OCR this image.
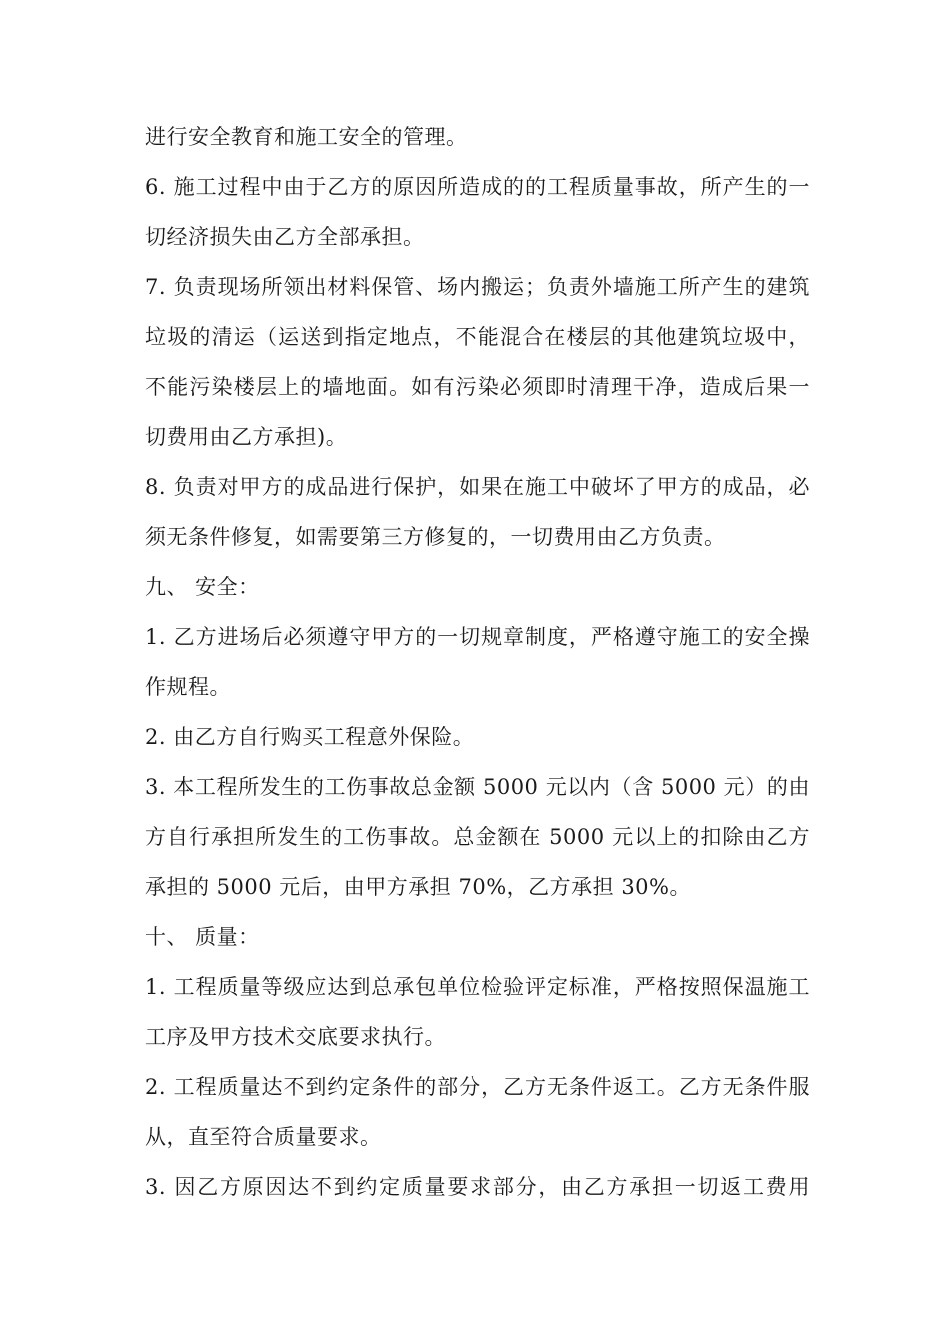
进行安全教育和施工安全的管理。
6. 施工过程中由于乙方的原因所造成的的工程质量事故，所产生的一
切经济损失由乙方全部承担。
7. 负责现场所领出材料保管、场内搬运；负责外墙施工所产生的建筑
垃圾的清运（运送到指定地点，不能混合在楼层的其他建筑垃圾中，
不能污染楼层上的墙地面。如有污染必须即时清理干净，造成后果一
切费用由乙方承担)。
8. 负责对甲方的成品进行保护，如果在施工中破坏了甲方的成品，必
须无条件修复，如需要第三方修复的，一切费用由乙方负责。
九、 安全：
1. 乙方进场后必须遵守甲方的一切规章制度，严格遵守施工的安全操
作规程。
2. 由乙方自行购买工程意外保险。
3. 本工程所发生的工伤事故总金额 5000 元以内（含 5000 元）的由
方自行承担所发生的工伤事故。总金额在 5000 元以上的扣除由乙方
承担的 5000 元后，由甲方承担 70%，乙方承担 30%。
十、 质量：
1. 工程质量等级应达到总承包单位检验评定标准，严格按照保温施工
工序及甲方技术交底要求执行。
2. 工程质量达不到约定条件的部分，乙方无条件返工。乙方无条件服
从，直至符合质量要求。
3. 因乙方原因达不到约定质量要求部分，由乙方承担一切返工费用
